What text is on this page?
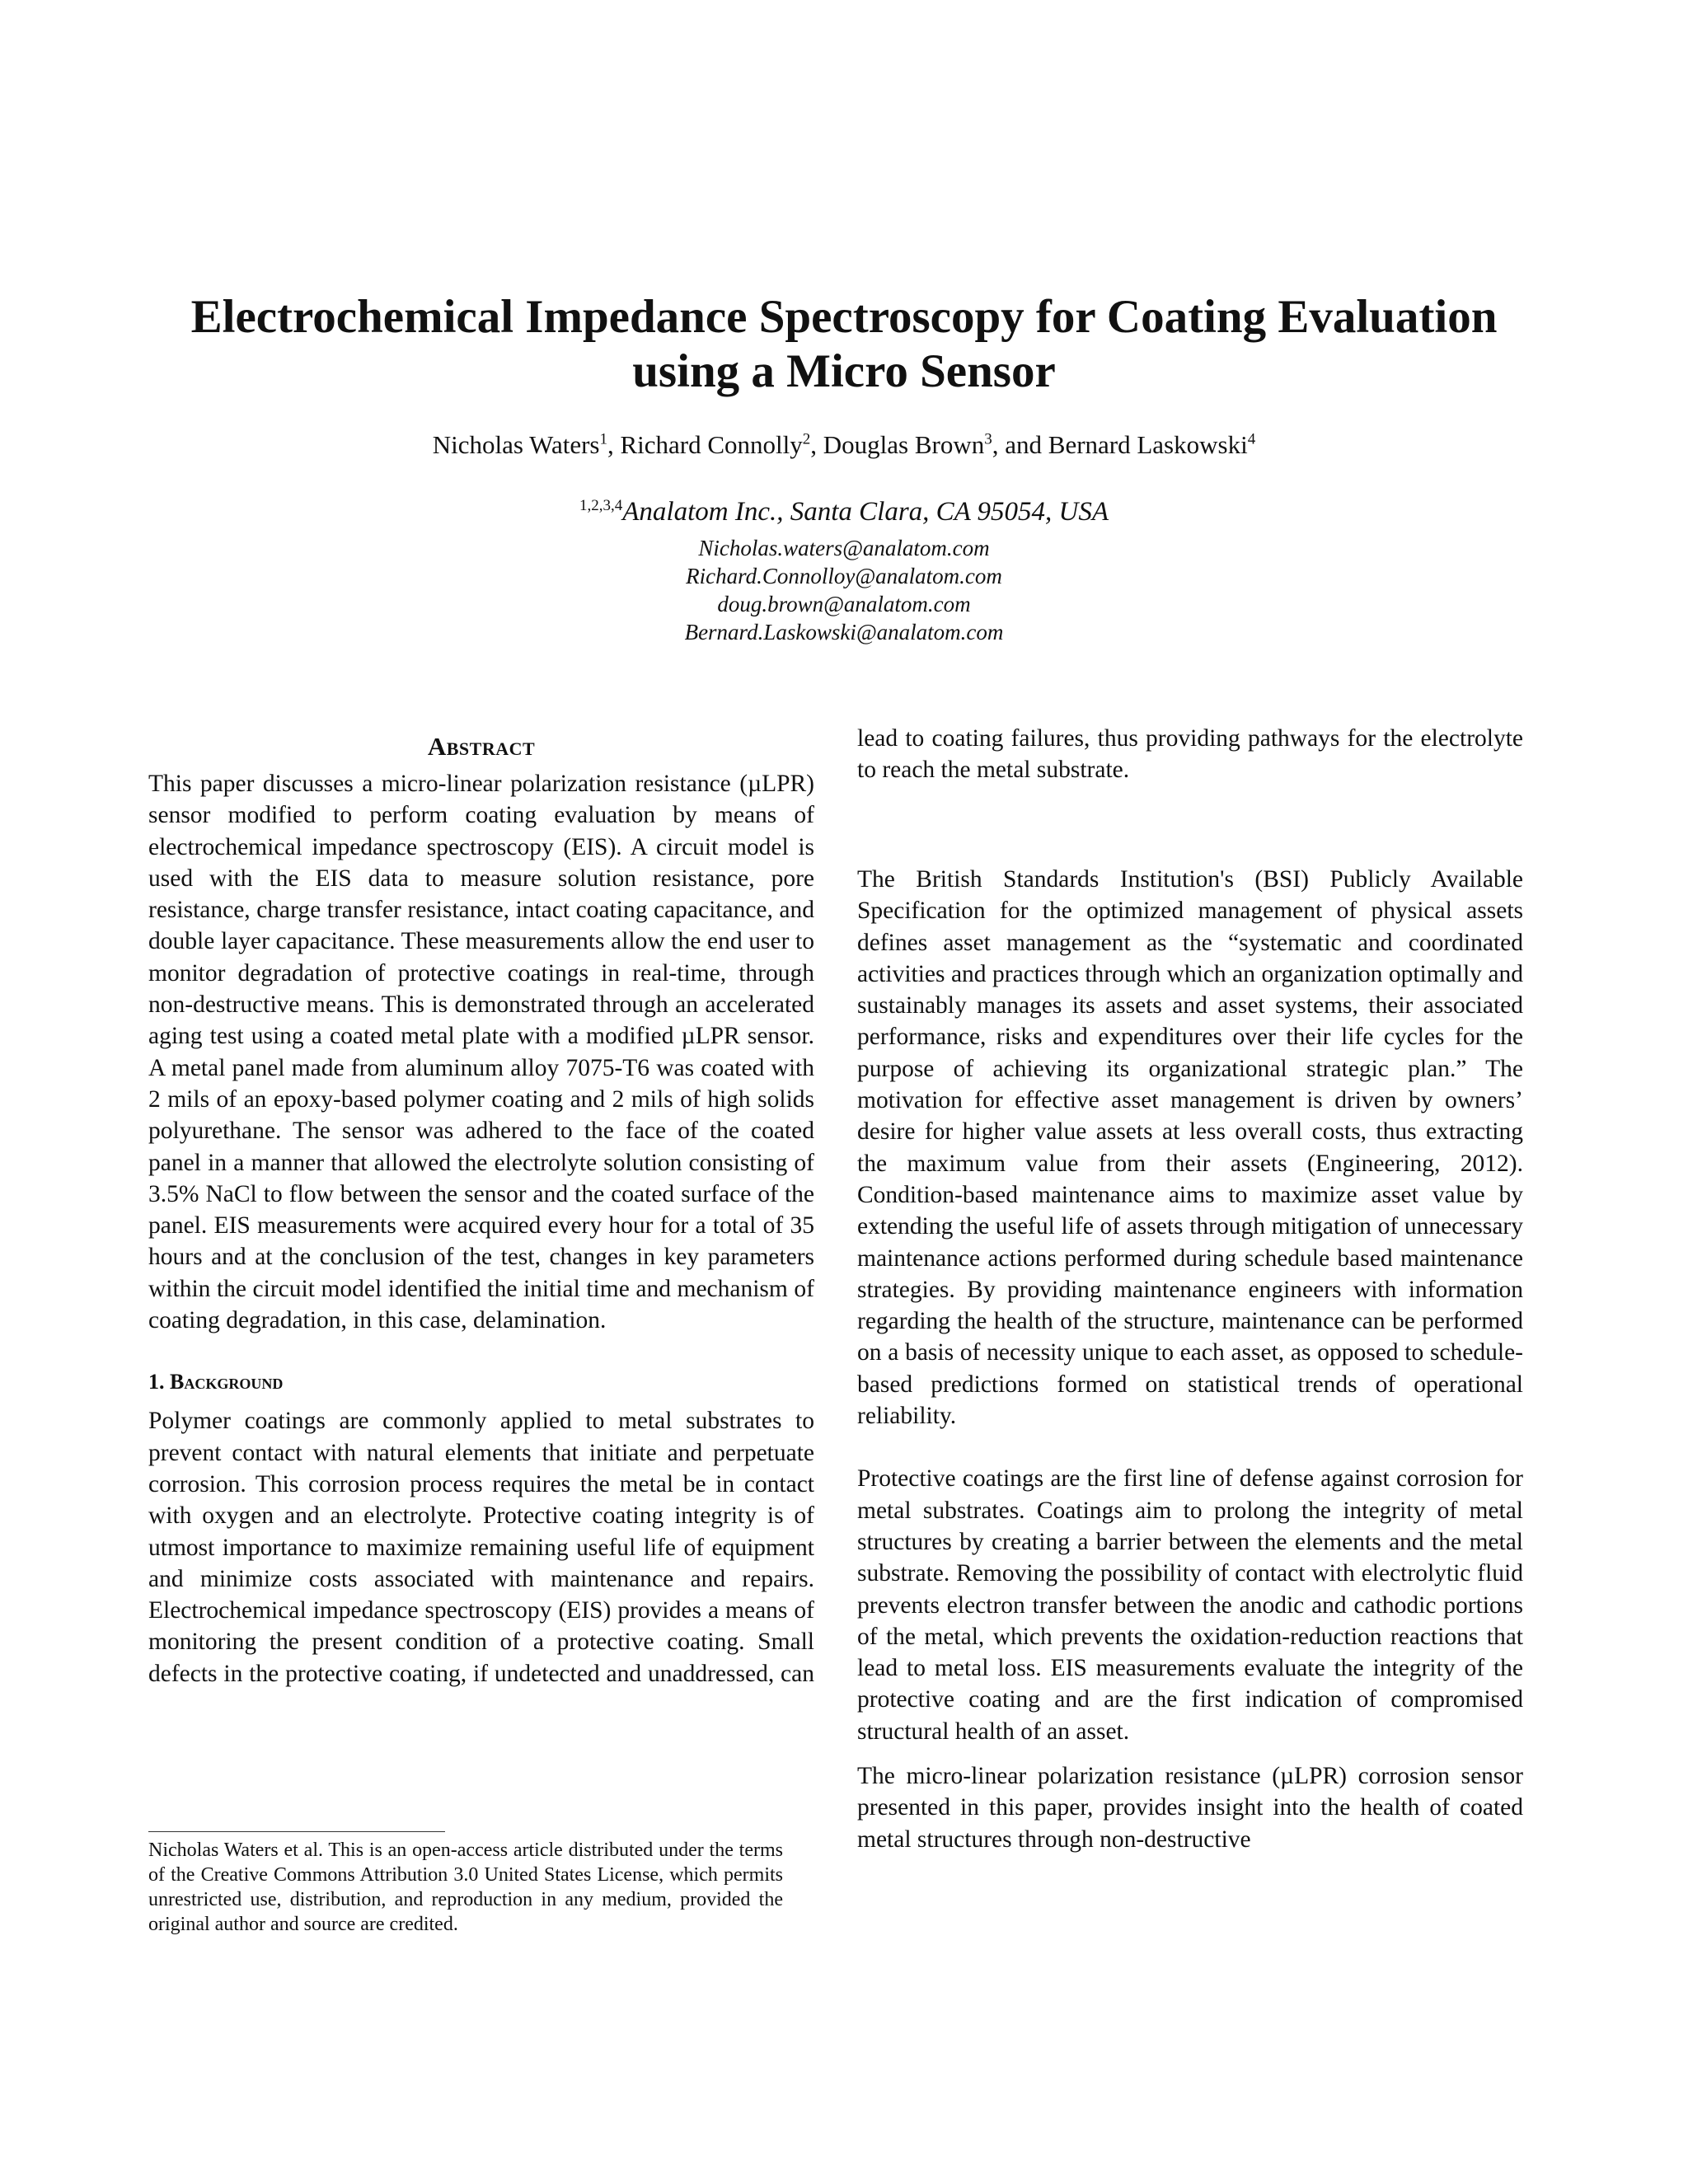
Electrochemical Impedance Spectroscopy for Coating Evaluation
using a Micro Sensor
Nicholas Waters$^1$, Richard Connolly$^2$, Douglas Brown$^3$, and Bernard Laskowski$^4$
$^{1,2,3,4}$Analatom Inc., Santa Clara, CA 95054, USA
Nicholas.waters@analatom.com
Richard.Connolloy@analatom.com
doug.brown@analatom.com
Bernard.Laskowski@analatom.com
Abstract

This paper discusses a micro-linear polarization resistance (µLPR) sensor modified to perform coating evaluation by means of electrochemical impedance spectroscopy (EIS). A circuit model is used with the EIS data to measure solution resistance, pore resistance, charge transfer resistance, intact coating capacitance, and double layer capacitance. These measurements allow the end user to monitor degradation of protective coatings in real-time, through non-destructive means. This is demonstrated through an accelerated aging test using a coated metal plate with a modified µLPR sensor. A metal panel made from aluminum alloy 7075-T6 was coated with 2 mils of an epoxy-based polymer coating and 2 mils of high solids polyurethane. The sensor was adhered to the face of the coated panel in a manner that allowed the electrolyte solution consisting of 3.5% NaCl to flow between the sensor and the coated surface of the panel. EIS measurements were acquired every hour for a total of 35 hours and at the conclusion of the test, changes in key parameters within the circuit model identified the initial time and mechanism of coating degradation, in this case, delamination.

1. Background

Polymer coatings are commonly applied to metal substrates to prevent contact with natural elements that initiate and perpetuate corrosion. This corrosion process requires the metal be in contact with oxygen and an electrolyte. Protective coating integrity is of utmost importance to maximize remaining useful life of equipment and minimize costs associated with maintenance and repairs. Electrochemical impedance spectroscopy (EIS) provides a means of monitoring the present condition of a protective coating. Small defects in the protective coating, if undetected and unaddressed, can

Nicholas Waters et al. This is an open-access article distributed under the terms of the Creative Commons Attribution 3.0 United States License, which permits unrestricted use, distribution, and reproduction in any medium, provided the original author and source are credited.

lead to coating failures, thus providing pathways for the electrolyte to reach the metal substrate.

The British Standards Institution's (BSI) Publicly Available Specification for the optimized management of physical assets defines asset management as the “systematic and coordinated activities and practices through which an organization optimally and sustainably manages its assets and asset systems, their associated performance, risks and expenditures over their life cycles for the purpose of achieving its organizational strategic plan.” The motivation for effective asset management is driven by owners’ desire for higher value assets at less overall costs, thus extracting the maximum value from their assets (Engineering, 2012). Condition-based maintenance aims to maximize asset value by extending the useful life of assets through mitigation of unnecessary maintenance actions performed during schedule based maintenance strategies. By providing maintenance engineers with information regarding the health of the structure, maintenance can be performed on a basis of necessity unique to each asset, as opposed to schedule-based predictions formed on statistical trends of operational reliability.

Protective coatings are the first line of defense against corrosion for metal substrates. Coatings aim to prolong the integrity of metal structures by creating a barrier between the elements and the metal substrate. Removing the possibility of contact with electrolytic fluid prevents electron transfer between the anodic and cathodic portions of the metal, which prevents the oxidation-reduction reactions that lead to metal loss. EIS measurements evaluate the integrity of the protective coating and are the first indication of compromised structural health of an asset.

The micro-linear polarization resistance (µLPR) corrosion sensor presented in this paper, provides insight into the health of coated metal structures through non-destructive
